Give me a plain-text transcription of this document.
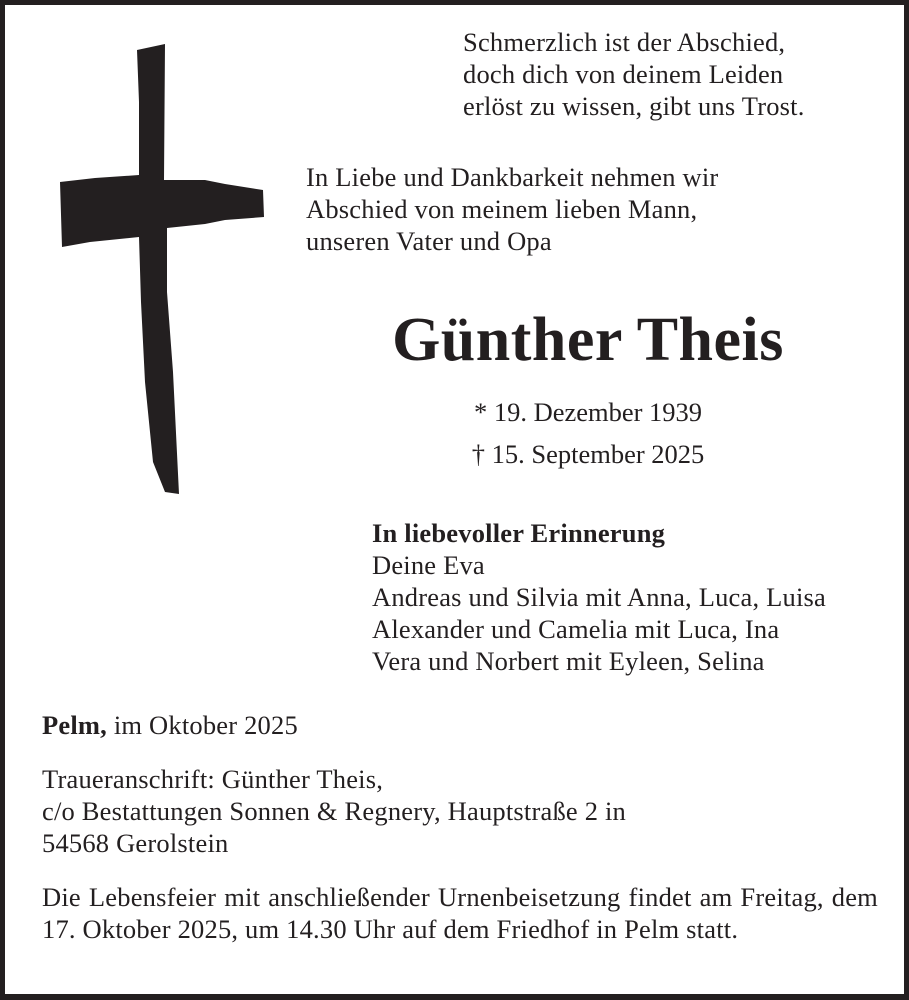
Schmerzlich ist der Abschied,
doch dich von deinem Leiden
erlöst zu wissen, gibt uns Trost.
In Liebe und Dankbarkeit nehmen wir
Abschied von meinem lieben Mann,
unseren Vater und Opa
Günther Theis
* 19. Dezember 1939
† 15. September 2025
In liebevoller Erinnerung
Deine Eva
Andreas und Silvia mit Anna, Luca, Luisa
Alexander und Camelia mit Luca, Ina
Vera und Norbert mit Eyleen, Selina
Pelm, im Oktober 2025
Traueranschrift: Günther Theis,
c/o Bestattungen Sonnen & Regnery, Hauptstraße 2 in
54568 Gerolstein
Die Lebensfeier mit anschließender Urnenbeisetzung findet am Freitag, dem 17. Oktober 2025, um 14.30 Uhr auf dem Friedhof in Pelm statt.
